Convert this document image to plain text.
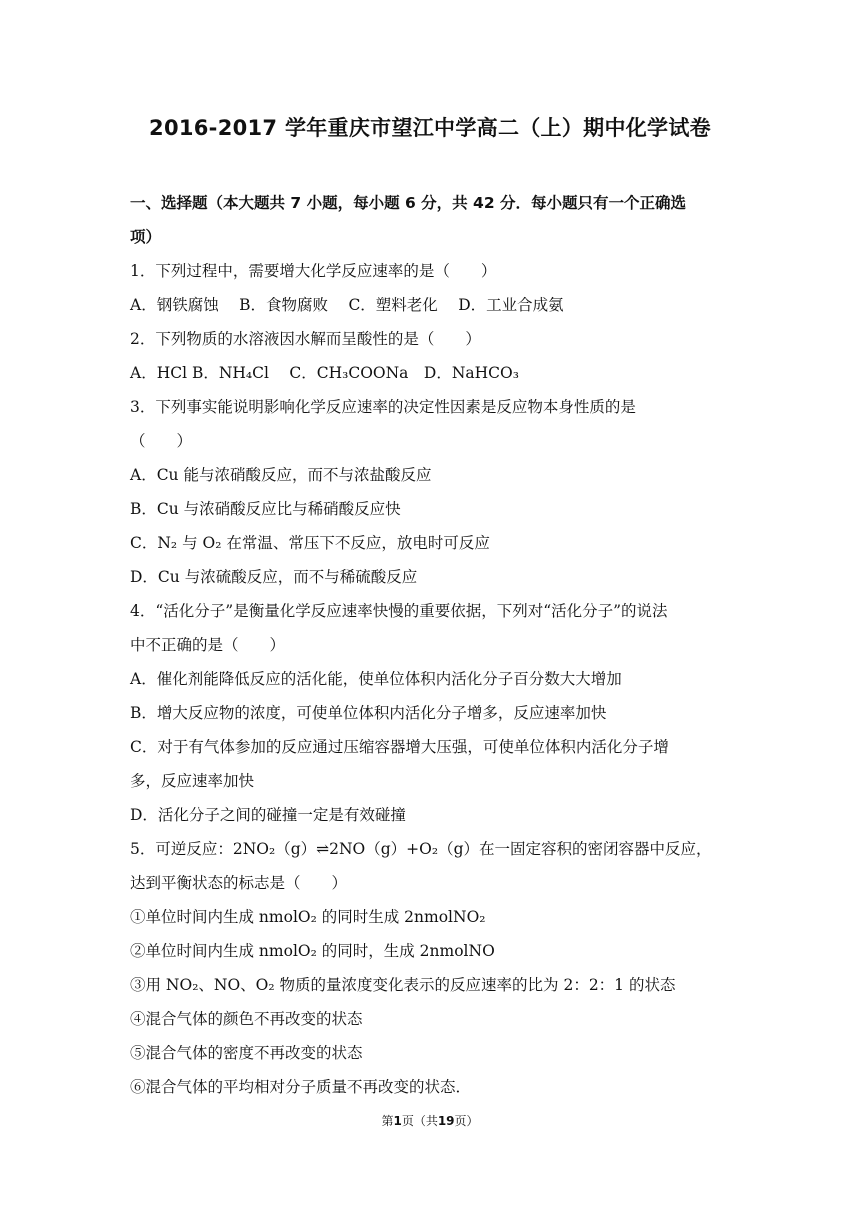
2016-2017 学年重庆市望江中学高二（上）期中化学试卷
一、选择题（本大题共 7 小题，每小题 6 分，共 42 分．每小题只有一个正确选
项）
1．下列过程中，需要增大化学反应速率的是（　　）
A．钢铁腐蚀　 B．食物腐败　 C．塑料老化　 D．工业合成氨
2．下列物质的水溶液因水解而呈酸性的是（　　）
A．HCl B．NH₄Cl　 C．CH₃COONa　D．NaHCO₃
3．下列事实能说明影响化学反应速率的决定性因素是反应物本身性质的是
（　　）
A．Cu 能与浓硝酸反应，而不与浓盐酸反应
B．Cu 与浓硝酸反应比与稀硝酸反应快
C．N₂ 与 O₂ 在常温、常压下不反应，放电时可反应
D．Cu 与浓硫酸反应，而不与稀硫酸反应
4．“活化分子”是衡量化学反应速率快慢的重要依据，下列对“活化分子”的说法
中不正确的是（　　）
A．催化剂能降低反应的活化能，使单位体积内活化分子百分数大大增加
B．增大反应物的浓度，可使单位体积内活化分子增多，反应速率加快
C．对于有气体参加的反应通过压缩容器增大压强，可使单位体积内活化分子增
多，反应速率加快
D．活化分子之间的碰撞一定是有效碰撞
5．可逆反应：2NO₂（g）⇌2NO（g）+O₂（g）在一固定容积的密闭容器中反应，
达到平衡状态的标志是（　　）
①单位时间内生成 nmolO₂ 的同时生成 2nmolNO₂
②单位时间内生成 nmolO₂ 的同时，生成 2nmolNO
③用 NO₂、NO、O₂ 物质的量浓度变化表示的反应速率的比为 2：2：1 的状态
④混合气体的颜色不再改变的状态
⑤混合气体的密度不再改变的状态
⑥混合气体的平均相对分子质量不再改变的状态．
第1页（共19页）
